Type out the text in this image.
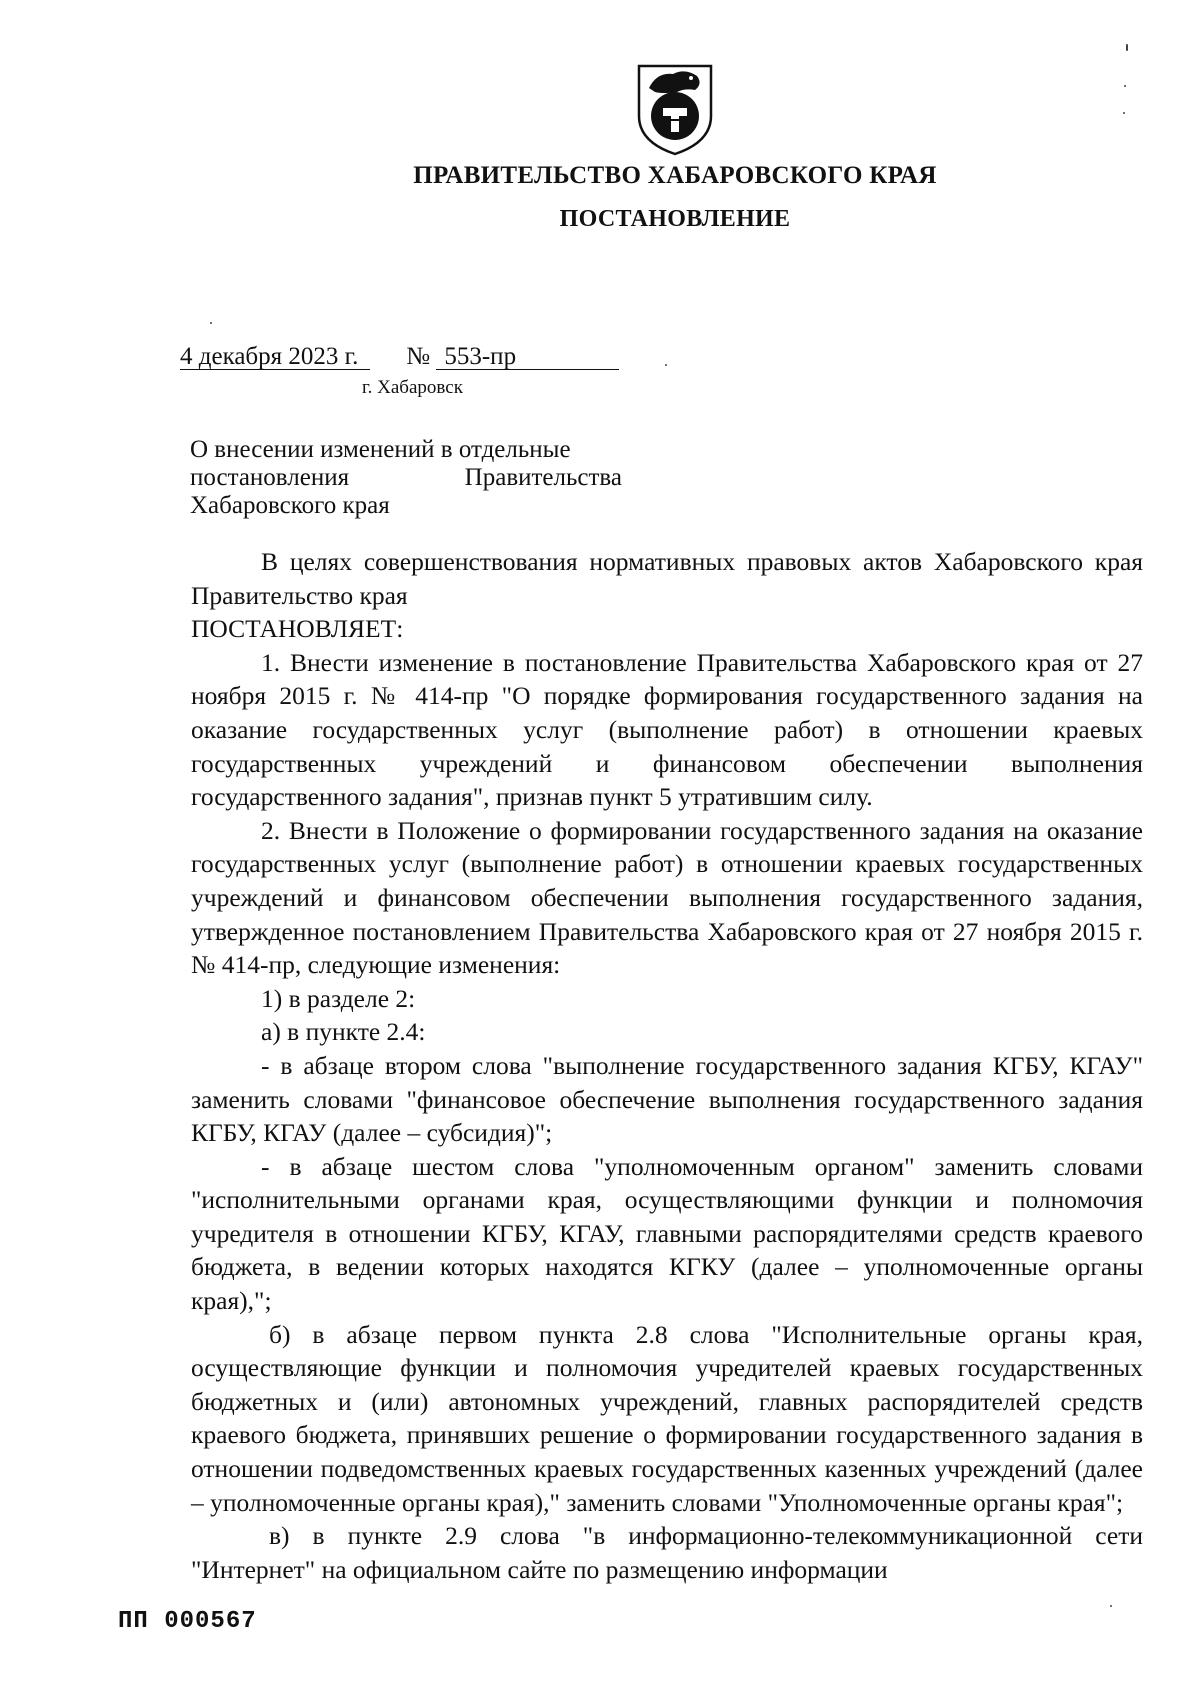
ПРАВИТЕЛЬСТВО ХАБАРОВСКОГО КРАЯ
ПОСТАНОВЛЕНИЕ
4 декабря 2023 г. № 553-пр
г. Хабаровск
О внесении изменений в отдельные
постановления Правительства
Хабаровского края

В целях совершенствования нормативных правовых актов Хабаровского края Правительство края

ПОСТАНОВЛЯЕТ:

1. Внести изменение в постановление Правительства Хабаровского края от 27 ноября 2015 г. № 414-пр "О порядке формирования государственного задания на оказание государственных услуг (выполнение работ) в отношении краевых государственных учреждений и финансовом обеспечении выполнения государственного задания", признав пункт 5 утратившим силу.

2. Внести в Положение о формировании государственного задания на оказание государственных услуг (выполнение работ) в отношении краевых государственных учреждений и финансовом обеспечении выполнения государственного задания, утвержденное постановлением Правительства Хабаровского края от 27 ноября 2015 г. № 414-пр, следующие изменения:

1) в разделе 2:

а) в пункте 2.4:

- в абзаце втором слова "выполнение государственного задания КГБУ, КГАУ" заменить словами "финансовое обеспечение выполнения государственного задания КГБУ, КГАУ (далее – субсидия)";

- в абзаце шестом слова "уполномоченным органом" заменить словами "исполнительными органами края, осуществляющими функции и полномочия учредителя в отношении КГБУ, КГАУ, главными распорядителями средств краевого бюджета, в ведении которых находятся КГКУ (далее – уполномоченные органы края),";

б) в абзаце первом пункта 2.8 слова "Исполнительные органы края, осуществляющие функции и полномочия учредителей краевых государственных бюджетных и (или) автономных учреждений, главных распорядителей средств краевого бюджета, принявших решение о формировании государственного задания в отношении подведомственных краевых государственных казенных учреждений (далее – уполномоченные органы края)," заменить словами "Уполномоченные органы края";

в) в пункте 2.9 слова "в информационно-телекоммуникационной сети "Интернет" на официальном сайте по размещению информации

ПП 000567
